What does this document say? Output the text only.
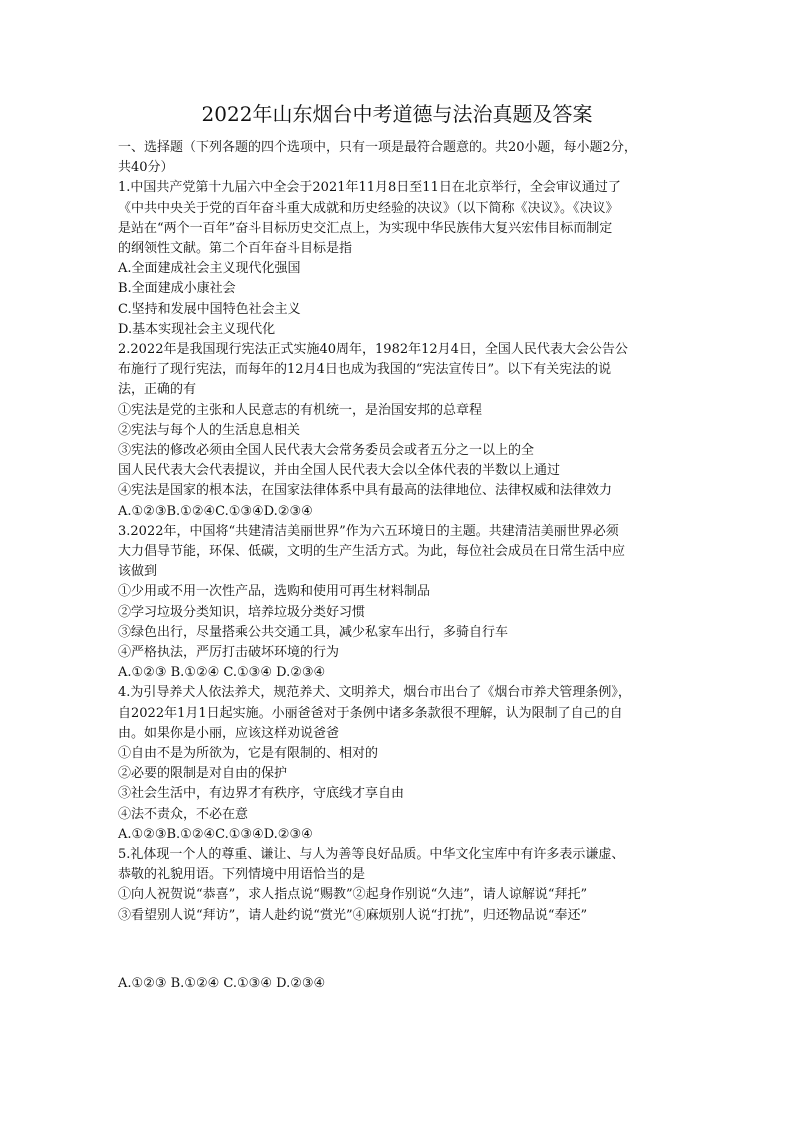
2022年山东烟台中考道德与法治真题及答案
一、选择题（下列各题的四个选项中，只有一项是最符合题意的。共20小题，每小题2分，
共40分）
1.中国共产党第十九届六中全会于2021年11月8日至11日在北京举行，全会审议通过了
《中共中央关于党的百年奋斗重大成就和历史经验的决议》（以下简称《决议》。《决议》
是站在“两个一百年”奋斗目标历史交汇点上，为实现中华民族伟大复兴宏伟目标而制定
的纲领性文献。第二个百年奋斗目标是指
A.全面建成社会主义现代化强国
B.全面建成小康社会
C.坚持和发展中国特色社会主义
D.基本实现社会主义现代化
2.2022年是我国现行宪法正式实施40周年，1982年12月4日，全国人民代表大会公告公
布施行了现行宪法，而每年的12月4日也成为我国的“宪法宣传日”。以下有关宪法的说
法，正确的有
①宪法是党的主张和人民意志的有机统一，是治国安邦的总章程
②宪法与每个人的生活息息相关
③宪法的修改必须由全国人民代表大会常务委员会或者五分之一以上的全
国人民代表大会代表提议，并由全国人民代表大会以全体代表的半数以上通过
④宪法是国家的根本法，在国家法律体系中具有最高的法律地位、法律权威和法律效力
A.①②③B.①②④C.①③④D.②③④
3.2022年，中国将“共建清洁美丽世界”作为六五环境日的主题。共建清洁美丽世界必须
大力倡导节能，环保、低碳，文明的生产生活方式。为此，每位社会成员在日常生活中应
该做到
①少用或不用一次性产品，选购和使用可再生材料制品
②学习垃圾分类知识，培养垃圾分类好习惯
③绿色出行，尽量搭乘公共交通工具，减少私家车出行，多骑自行车
④严格执法，严厉打击破坏环境的行为
A.①②③ B.①②④ C.①③④ D.②③④
4.为引导养犬人依法养犬，规范养犬、文明养犬，烟台市出台了《烟台市养犬管理条例》，
自2022年1月1日起实施。小丽爸爸对于条例中诸多条款很不理解，认为限制了自己的自
由。如果你是小丽，应该这样劝说爸爸
①自由不是为所欲为，它是有限制的、相对的
②必要的限制是对自由的保护
③社会生活中，有边界才有秩序，守底线才享自由
④法不责众，不必在意
A.①②③B.①②④C.①③④D.②③④
5.礼体现一个人的尊重、谦让、与人为善等良好品质。中华文化宝库中有许多表示谦虚、
恭敬的礼貌用语。下列情境中用语恰当的是
①向人祝贺说“恭喜”，求人指点说“赐教”②起身作别说“久违”，请人谅解说“拜托”
③看望别人说“拜访”，请人赴约说“赏光”④麻烦别人说“打扰”，归还物品说“奉还”
A.①②③ B.①②④ C.①③④ D.②③④
